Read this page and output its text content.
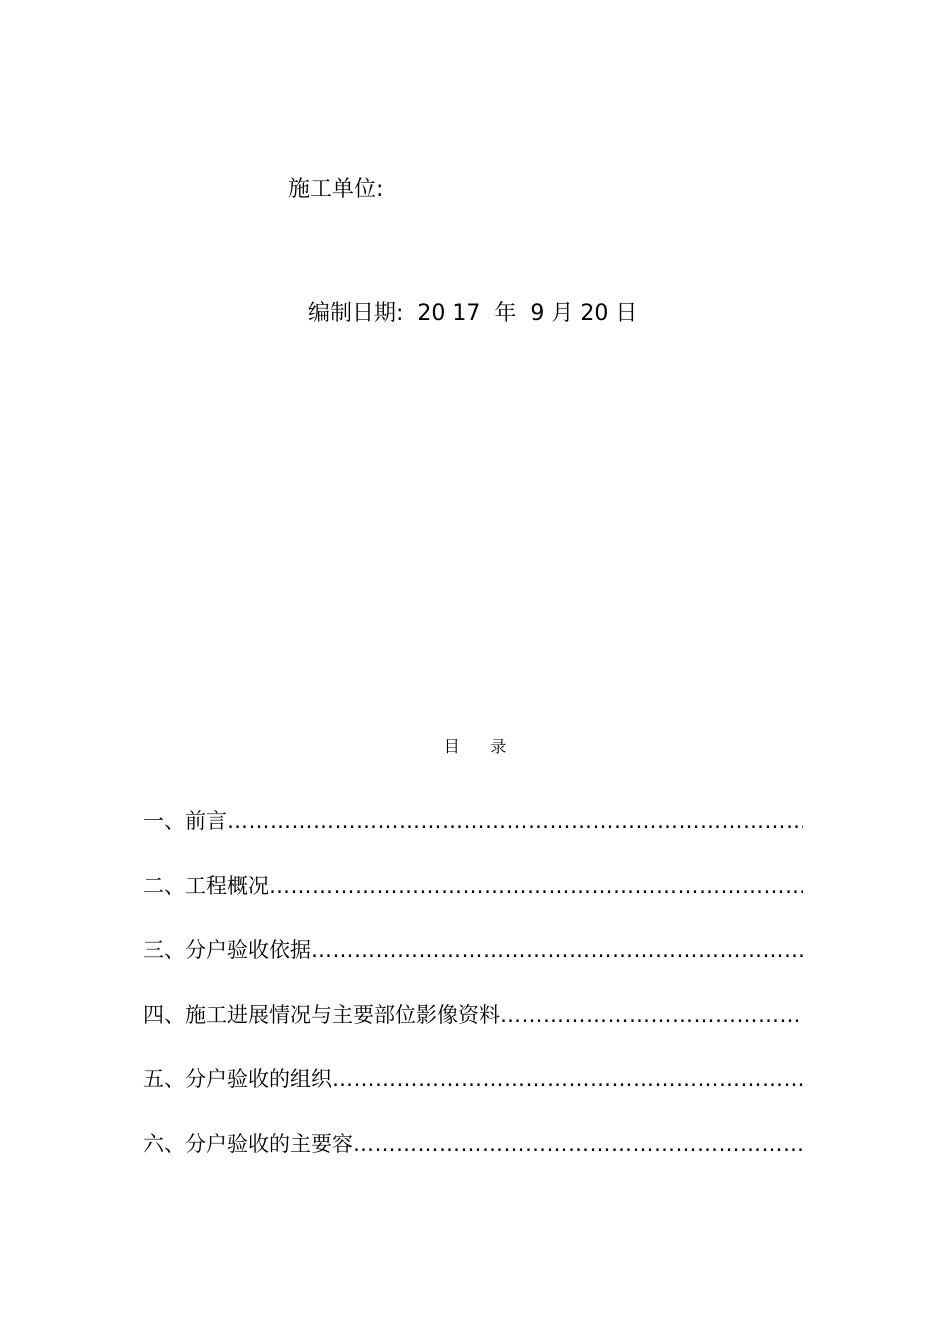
施工单位:
编制日期:  20 17  年  9 月 20 日
目      录
一、前言
……………………………………………………………………………………………………………………………………………………………………………
二、工程概况
……………………………………………………………………………………………………………………………………………………………………………
三、分户验收依据
……………………………………………………………………………………………………………………………………………………………………………
四、施工进展情况与主要部位影像资料
……………………………………………………………………………………………………………………………………………………………………………
五、分户验收的组织
……………………………………………………………………………………………………………………………………………………………………………
六、分户验收的主要容
……………………………………………………………………………………………………………………………………………………………………………
